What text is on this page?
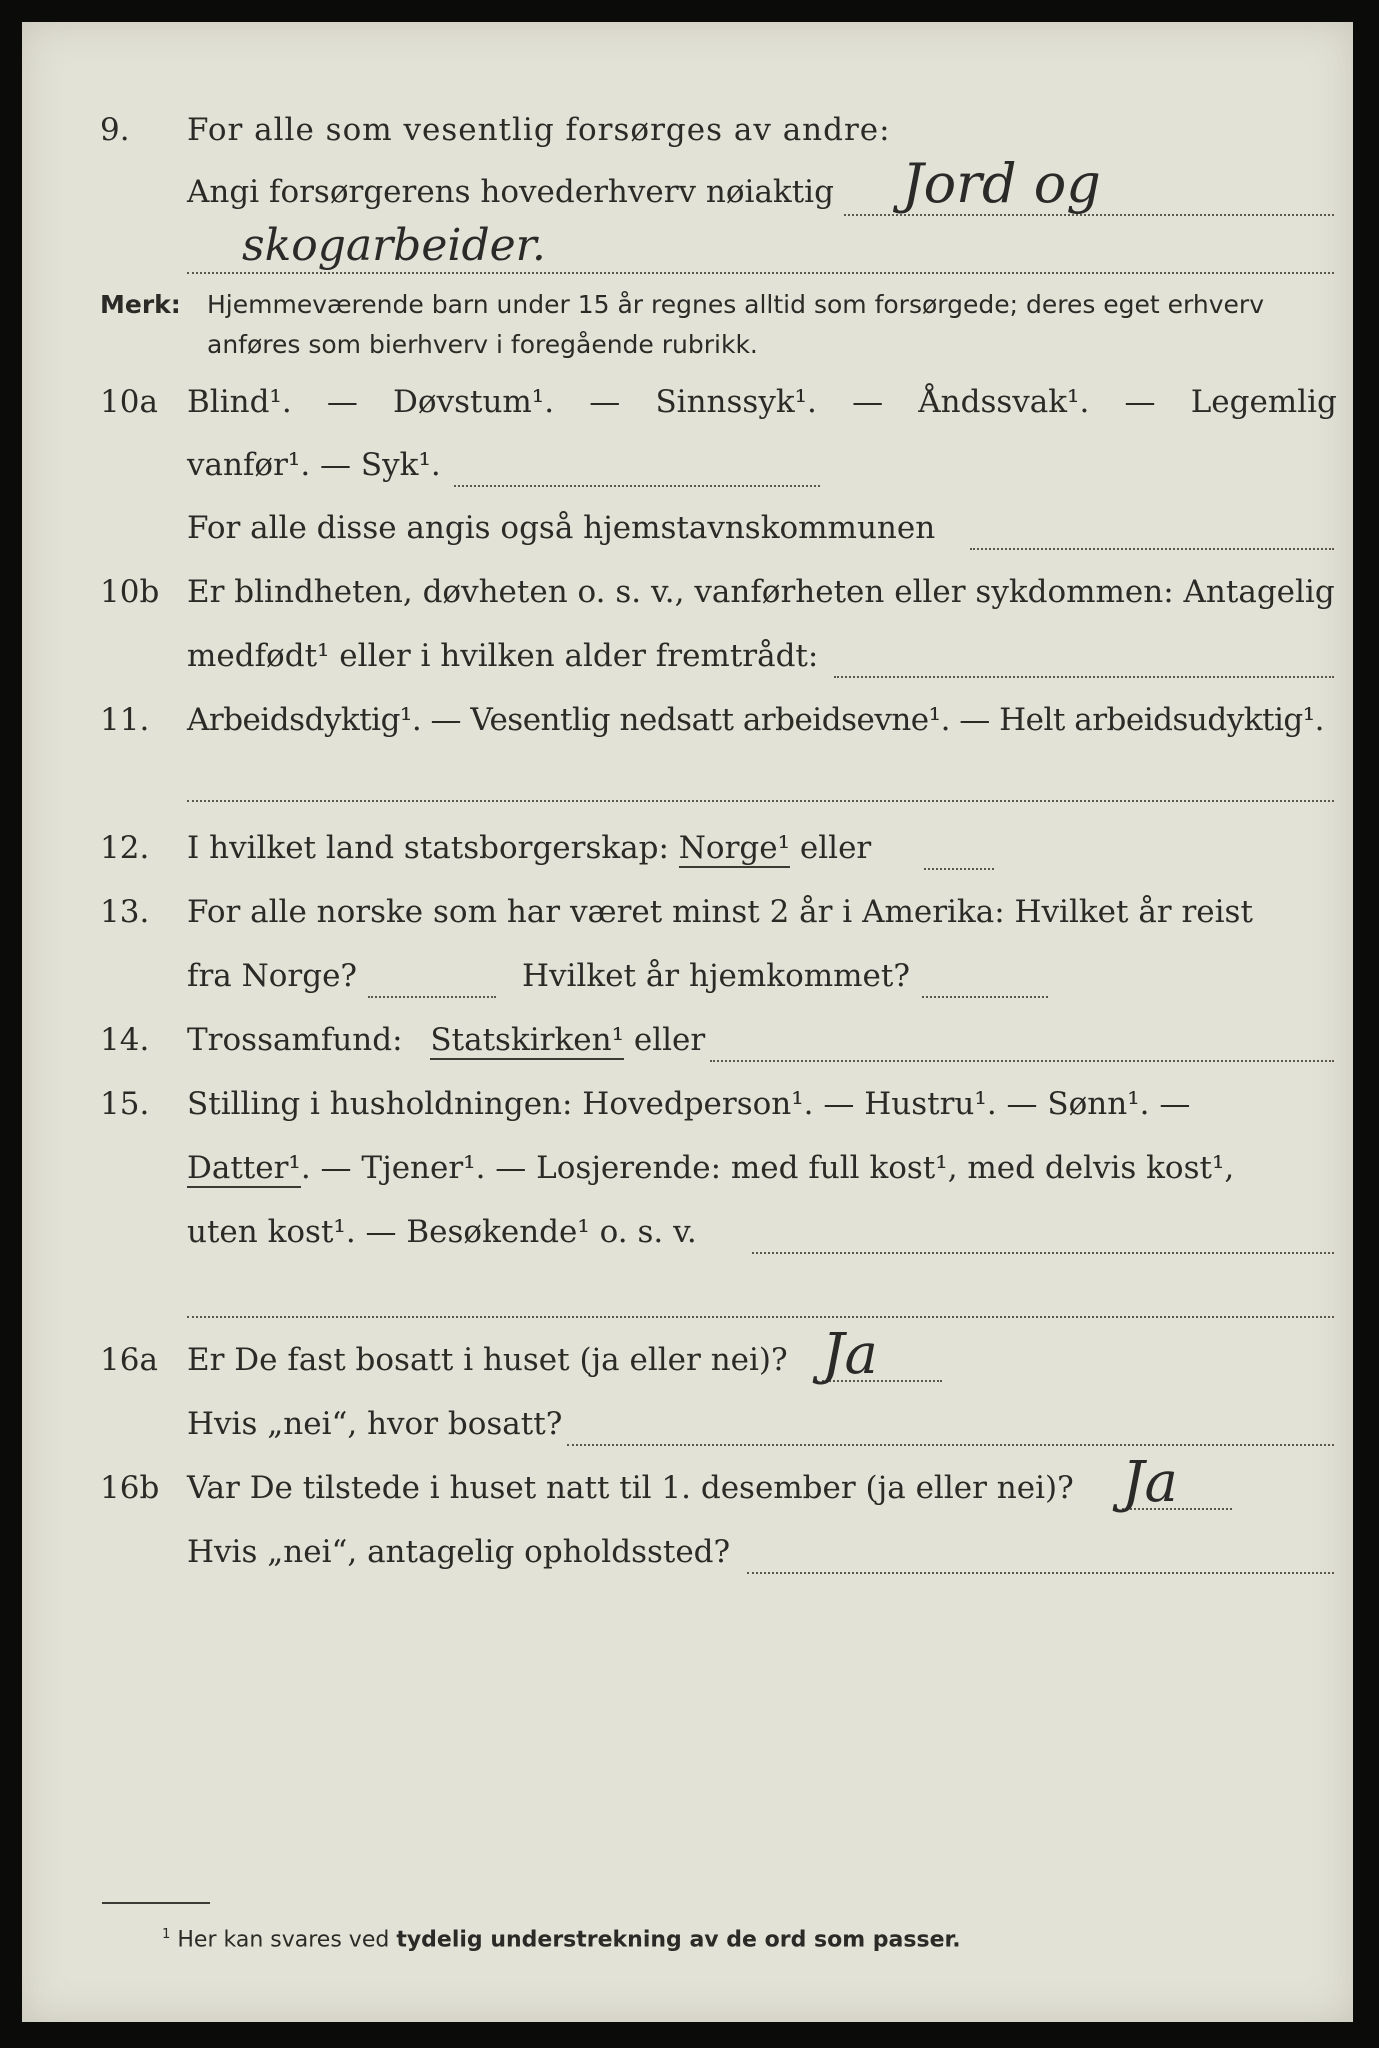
9. For alle som vesentlig forsørges av andre:
Angi forsørgerens hovederhverv nøiaktig Jord og
skogarbeider.
Merk: Hjemmeværende barn under 15 år regnes alltid som forsørgede; deres eget erhverv
anføres som bierhverv i foregående rubrikk.
10a Blind¹. — Døvstum¹. — Sinnssyk¹. — Åndssvak¹. — Legemlig
vanfør¹. — Syk¹.
For alle disse angis også hjemstavnskommunen
10b Er blindheten, døvheten o. s. v., vanførheten eller sykdommen: Antagelig
medfødt¹ eller i hvilken alder fremtrådt:
11. Arbeidsdyktig¹. — Vesentlig nedsatt arbeidsevne¹. — Helt arbeidsudyktig¹.
12. I hvilket land statsborgerskap: Norge¹ eller
13. For alle norske som har været minst 2 år i Amerika: Hvilket år reist
fra Norge?	Hvilket år hjemkommet?
14. Trossamfund: Statskirken¹ eller
15. Stilling i husholdningen: Hovedperson¹. — Hustru¹. — Sønn¹. —
Datter¹. — Tjener¹. — Losjerende: med full kost¹, med delvis kost¹,
uten kost¹. — Besøkende¹ o. s. v.
16a Er De fast bosatt i huset (ja eller nei)? Ja
Hvis „nei“, hvor bosatt?
16b Var De tilstede i huset natt til 1. desember (ja eller nei)? Ja
Hvis „nei“, antagelig opholdssted?
$^1$ Her kan svares ved tydelig understrekning av de ord som passer.
